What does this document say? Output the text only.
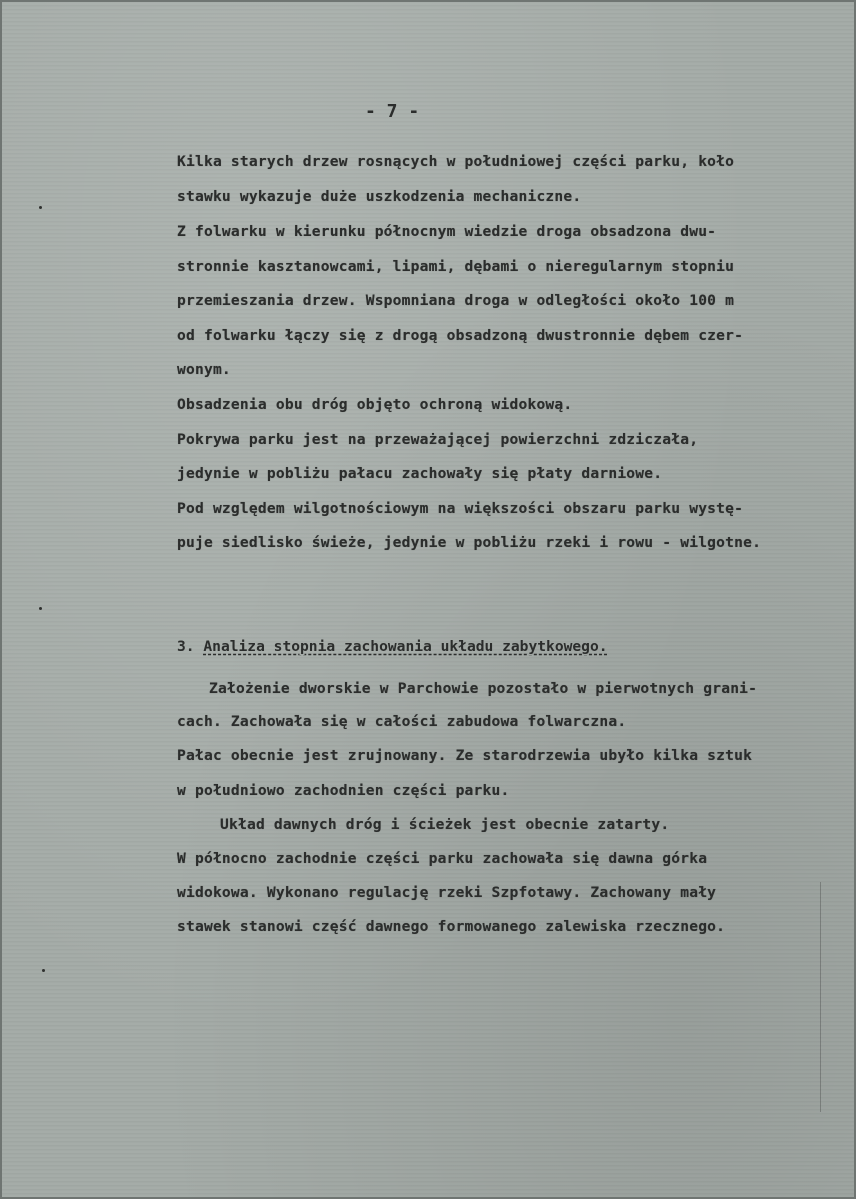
- 7 -
Kilka starych drzew rosnących w południowej części parku, koło
stawku wykazuje duże uszkodzenia mechaniczne.
Z folwarku w kierunku północnym wiedzie droga obsadzona dwu-
stronnie kasztanowcami, lipami, dębami o nieregularnym stopniu
przemieszania drzew. Wspomniana droga w odległości około 100 m
od folwarku łączy się z drogą obsadzoną dwustronnie dębem czer-
wonym.
Obsadzenia obu dróg objęto ochroną widokową.
Pokrywa parku jest na przeważającej powierzchni zdziczała,
jedynie w pobliżu pałacu zachowały się płaty darniowe.
Pod względem wilgotnościowym na większości obszaru parku wystę-
puje siedlisko świeże, jedynie w pobliżu rzeki i rowu - wilgotne.
3. Analiza stopnia zachowania układu zabytkowego.
Założenie dworskie w Parchowie pozostało w pierwotnych grani-
cach. Zachowała się w całości zabudowa folwarczna.
Pałac obecnie jest zrujnowany. Ze starodrzewia ubyło kilka sztuk
w południowo zachodnien części parku.
Układ dawnych dróg i ścieżek jest obecnie zatarty.
W północno zachodnie części parku zachowała się dawna górka
widokowa. Wykonano regulację rzeki Szpfotawy. Zachowany mały
stawek stanowi część dawnego formowanego zalewiska rzecznego.
